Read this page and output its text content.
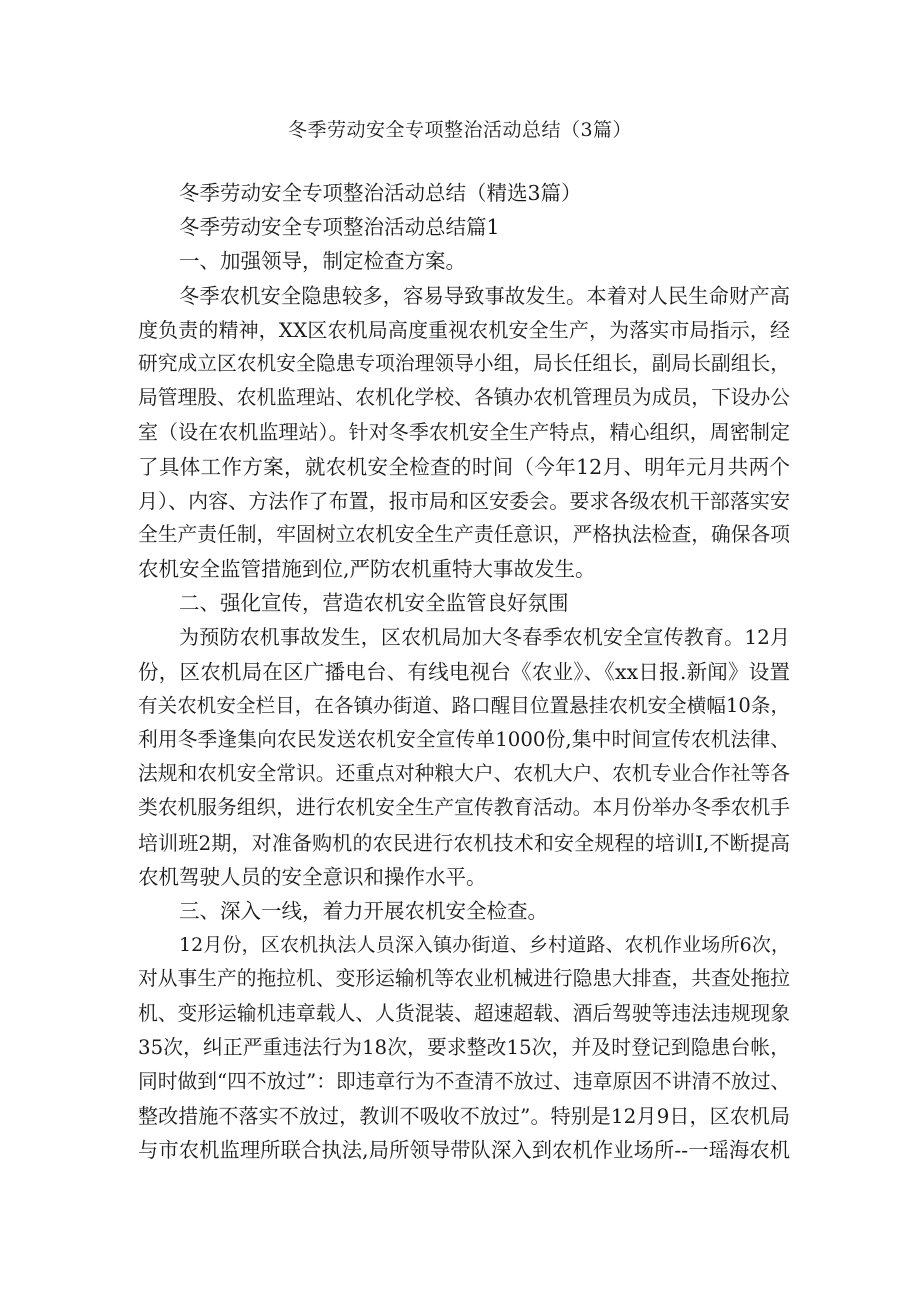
冬季劳动安全专项整治活动总结（3篇）
冬季劳动安全专项整治活动总结（精选3篇）
冬季劳动安全专项整治活动总结篇1
一、加强领导，制定检查方案。
冬季农机安全隐患较多，容易导致事故发生。本着对人民生命财产高
度负责的精神，XX区农机局高度重视农机安全生产，为落实市局指示，经
研究成立区农机安全隐患专项治理领导小组，局长任组长，副局长副组长，
局管理股、农机监理站、农机化学校、各镇办农机管理员为成员，下设办公
室（设在农机监理站）。针对冬季农机安全生产特点，精心组织，周密制定
了具体工作方案，就农机安全检查的时间（今年12月、明年元月共两个
月）、内容、方法作了布置，报市局和区安委会。要求各级农机干部落实安
全生产责任制，牢固树立农机安全生产责任意识，严格执法检查，确保各项
农机安全监管措施到位,严防农机重特大事故发生。
二、强化宣传，营造农机安全监管良好氛围
为预防农机事故发生，区农机局加大冬春季农机安全宣传教育。12月
份，区农机局在区广播电台、有线电视台《农业》、《xx日报.新闻》设置
有关农机安全栏目，在各镇办街道、路口醒目位置悬挂农机安全横幅10条，
利用冬季逢集向农民发送农机安全宣传单1000份,集中时间宣传农机法律、
法规和农机安全常识。还重点对种粮大户、农机大户、农机专业合作社等各
类农机服务组织，进行农机安全生产宣传教育活动。本月份举办冬季农机手
培训班2期，对准备购机的农民进行农机技术和安全规程的培训I,不断提高
农机驾驶人员的安全意识和操作水平。
三、深入一线，着力开展农机安全检查。
12月份，区农机执法人员深入镇办街道、乡村道路、农机作业场所6次，
对从事生产的拖拉机、变形运输机等农业机械进行隐患大排查，共查处拖拉
机、变形运输机违章载人、人货混装、超速超载、酒后驾驶等违法违规现象
35次，纠正严重违法行为18次，要求整改15次，并及时登记到隐患台帐，
同时做到“四不放过”：即违章行为不查清不放过、违章原因不讲清不放过、
整改措施不落实不放过，教训不吸收不放过”。特别是12月9日，区农机局
与市农机监理所联合执法,局所领导带队深入到农机作业场所--一瑶海农机
